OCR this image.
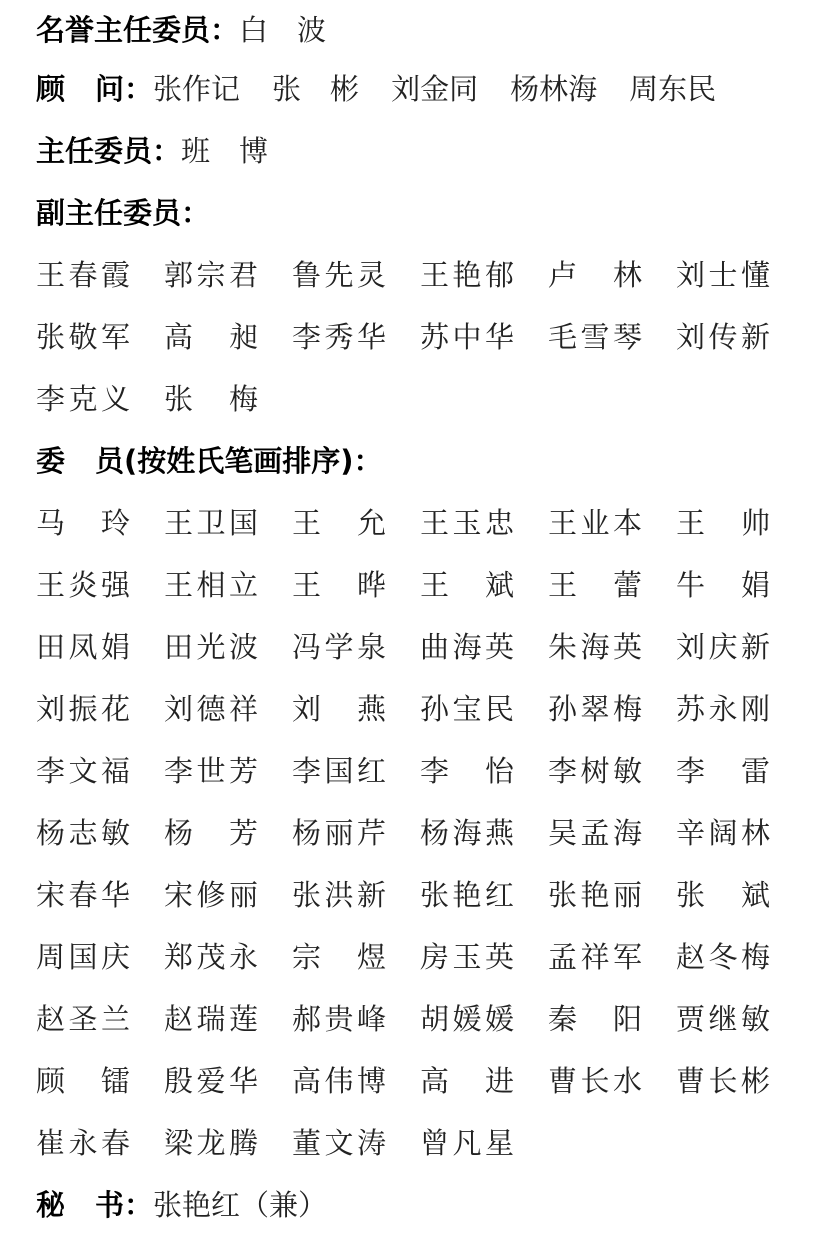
名誉主任委员： 白　波
顾 问： 张作记 张　彬 刘金同 杨林海 周东民
主任委员： 班　博
副主任委员：
王春霞	郭宗君	鲁先灵	王艳郁	卢　林	刘士懂
张敬军	高　昶	李秀华	苏中华	毛雪琴	刘传新
李克义	张　梅
委 员(按姓氏笔画排序)：
马　玲	王卫国	王　允	王玉忠	王业本	王　帅
王炎强	王相立	王　晔	王　斌	王　蕾	牛　娟
田凤娟	田光波	冯学泉	曲海英	朱海英	刘庆新
刘振花	刘德祥	刘　燕	孙宝民	孙翠梅	苏永刚
李文福	李世芳	李国红	李　怡	李树敏	李　雷
杨志敏	杨　芳	杨丽芹	杨海燕	吴孟海	辛阔林
宋春华	宋修丽	张洪新	张艳红	张艳丽	张　斌
周国庆	郑茂永	宗　煜	房玉英	孟祥军	赵冬梅
赵圣兰	赵瑞莲	郝贵峰	胡媛媛	秦　阳	贾继敏
顾　镭	殷爱华	高伟博	高　进	曹长水	曹长彬
崔永春	梁龙腾	董文涛	曾凡星
秘 书： 张艳红（兼）
